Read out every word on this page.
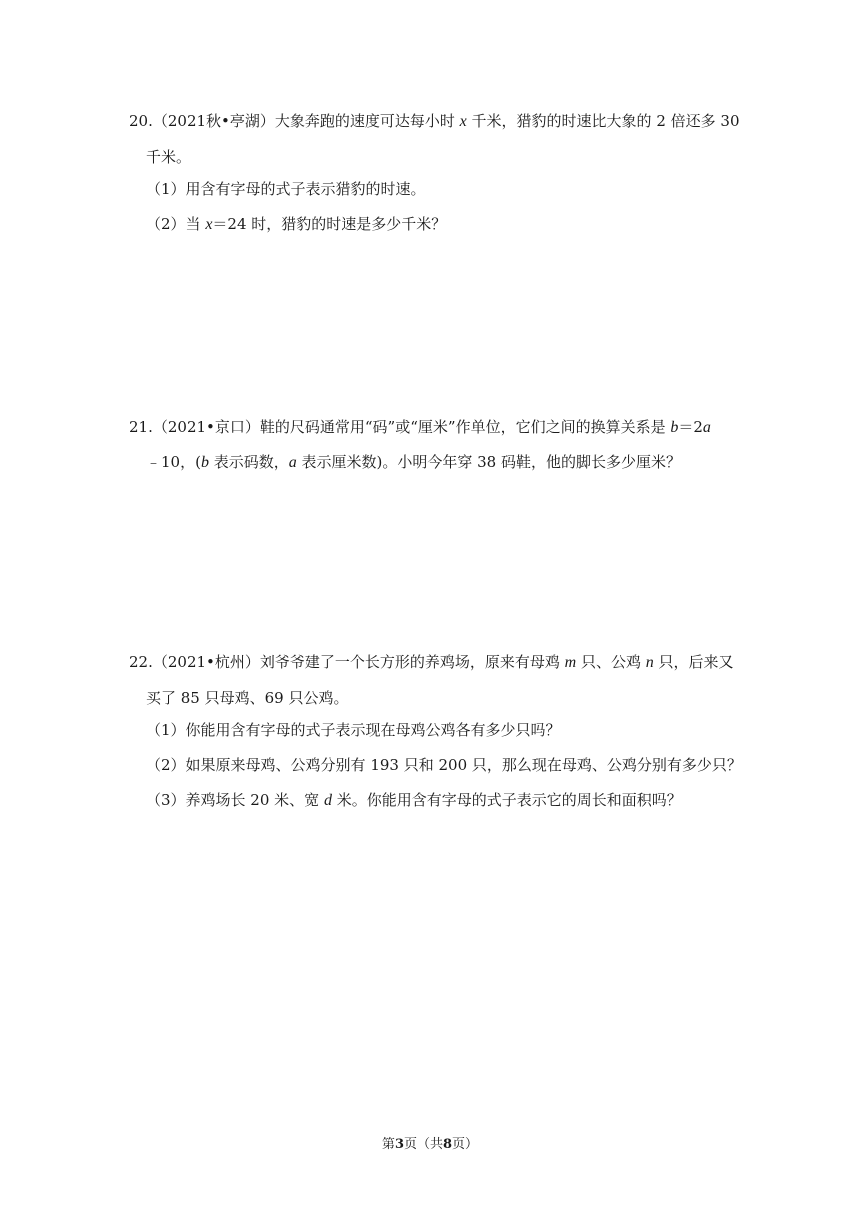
20.（2021秋•亭湖）大象奔跑的速度可达每小时 x 千米，猎豹的时速比大象的 2 倍还多 30
千米。
（1）用含有字母的式子表示猎豹的时速。
（2）当 x＝24 时，猎豹的时速是多少千米？
21.（2021•京口）鞋的尺码通常用“码”或“厘米”作单位，它们之间的换算关系是 b＝2a
﹣10，(b 表示码数，a 表示厘米数)。小明今年穿 38 码鞋，他的脚长多少厘米？
22.（2021•杭州）刘爷爷建了一个长方形的养鸡场，原来有母鸡 m 只、公鸡 n 只，后来又
买了 85 只母鸡、69 只公鸡。
（1）你能用含有字母的式子表示现在母鸡公鸡各有多少只吗？
（2）如果原来母鸡、公鸡分别有 193 只和 200 只，那么现在母鸡、公鸡分别有多少只？
（3）养鸡场长 20 米、宽 d 米。你能用含有字母的式子表示它的周长和面积吗？
第3页（共8页）
